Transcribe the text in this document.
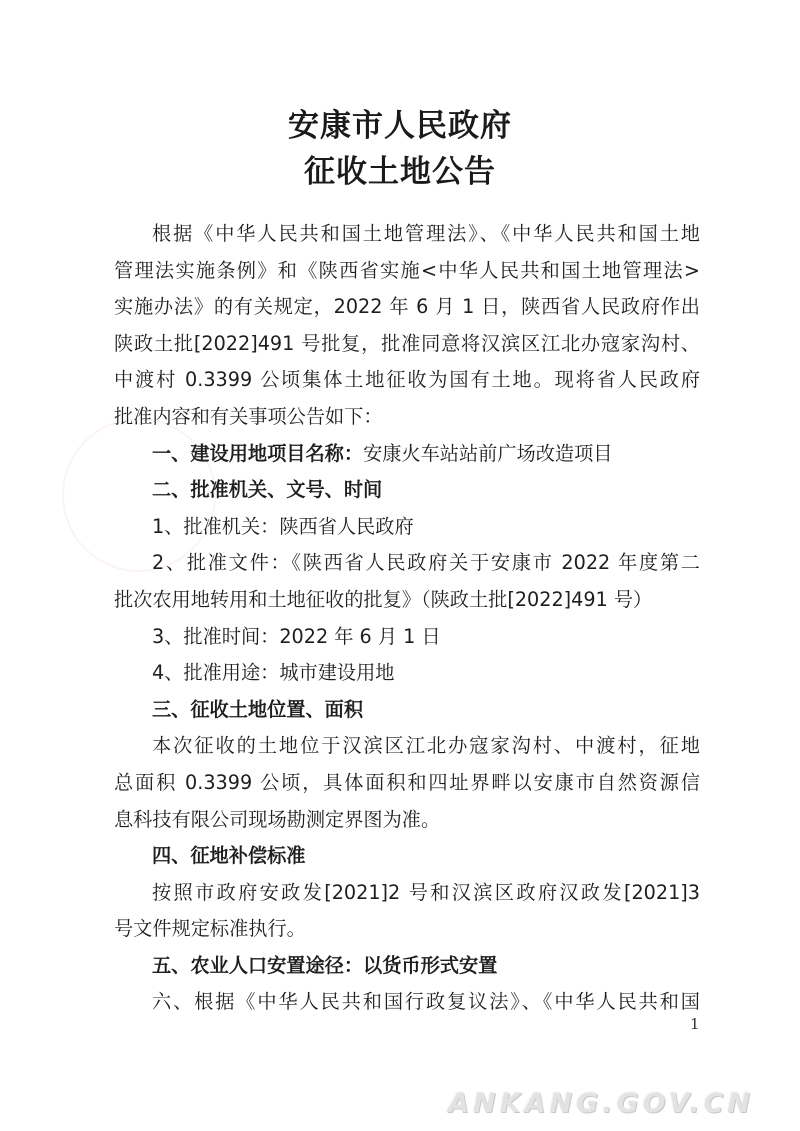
安康市人民政府
征收土地公告
根据《中华人民共和国土地管理法》、《中华人民共和国土地
管理法实施条例》和《陕西省实施<中华人民共和国土地管理法>
实施办法》的有关规定，2022 年 6 月 1 日，陕西省人民政府作出
陕政土批[2022]491 号批复，批准同意将汉滨区江北办寇家沟村、
中渡村 0.3399 公顷集体土地征收为国有土地。现将省人民政府
批准内容和有关事项公告如下：
一、建设用地项目名称：安康火车站站前广场改造项目
二、批准机关、文号、时间
1、批准机关：陕西省人民政府
2、批准文件：《陕西省人民政府关于安康市 2022 年度第二
批次农用地转用和土地征收的批复》（陕政土批[2022]491 号）
3、批准时间：2022 年 6 月 1 日
4、批准用途：城市建设用地
三、征收土地位置、面积
本次征收的土地位于汉滨区江北办寇家沟村、中渡村，征地
总面积 0.3399 公顷，具体面积和四址界畔以安康市自然资源信
息科技有限公司现场勘测定界图为准。
四、征地补偿标准
按照市政府安政发[2021]2 号和汉滨区政府汉政发[2021]3
号文件规定标准执行。
五、农业人口安置途径：以货币形式安置
六、根据《中华人民共和国行政复议法》、《中华人民共和国
1
ANKANG.GOV.CN
